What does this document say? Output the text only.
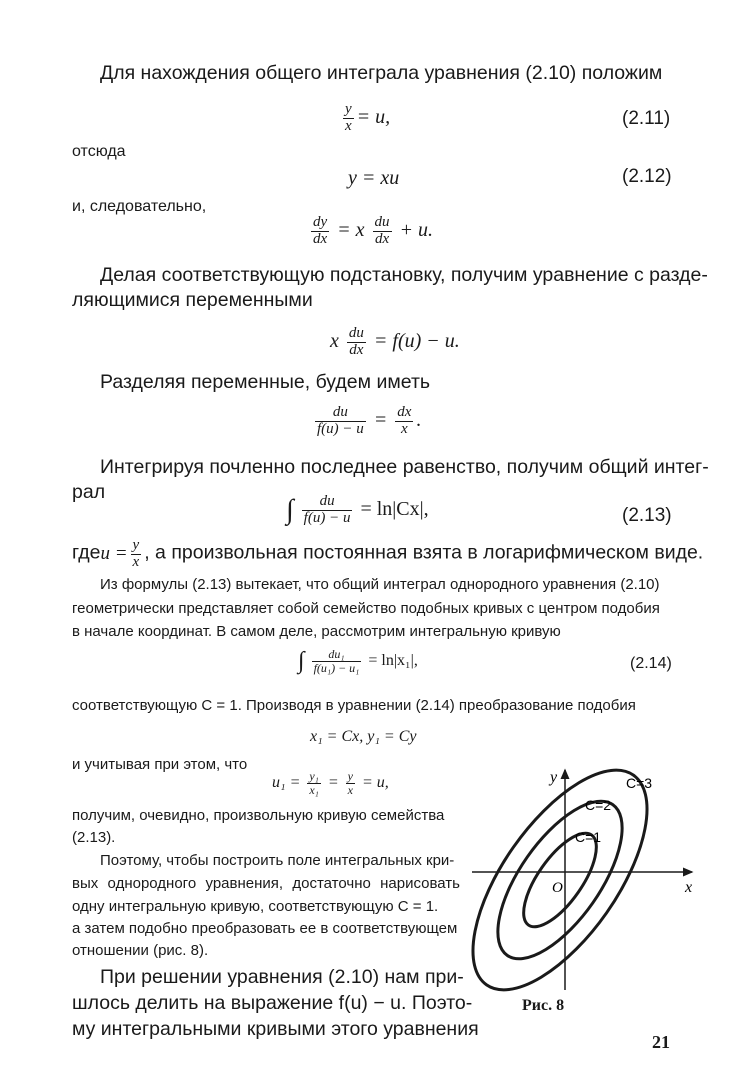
Для нахождения общего интеграла уравнения (2.10) положим
$\frac{y}{x} = u$,	(2.11)
отсюда
y = xu	(2.12)
и, следовательно,
$\frac{dy}{dx} = x \frac{du}{dx} + u$.
Делая соответствующую подстановку, получим уравнение с разде-
ляющимися переменными
x $\frac{du}{dx} = f(u) - u$.
Разделяя переменные, будем иметь
$\frac{du}{f(u) - u} = \frac{dx}{x}$ .
Интегрируя почленно последнее равенство, получим общий интег-
рал
∫ $\frac{du}{f(u) - u} = \ln|Cx|$,	(2.13)
гдеu = $\frac{y}{x}$ , а произвольная постоянная взята в логарифмическом виде.
Из формулы (2.13) вытекает, что общий интеграл однородного уравнения (2.10)
геометрически представляет собой семейство подобных кривых с центром подобия
в начале координат. В самом деле, рассмотрим интегральную кривую
∫ $\frac{\text{du₁}}{\text{f(u₁) − u₁}} = \ln|x_1|$,	(2.14)
соответствующую C = 1. Производя в уравнении (2.14) преобразование подобия
x₁ = Cx, y₁ = Cy
и учитывая при этом, что
$u_1 = \frac{\text{y₁}}{\text{x₁}} = \frac{y}{x} = u$,
получим, очевидно, произвольную кривую семейства
(2.13).
Поэтому, чтобы построить поле интегральных кри-
вых однородного уравнения, достаточно нарисовать
одну интегральную кривую, соответствующую C = 1.
а затем подобно преобразовать ее в соответствующем
отношении (рис. 8).
При решении уравнения (2.10) нам при-
шлось делить на выражение f(u) − u. Поэто-
му интегральными кривыми этого уравнения
y
x
O
C=1
C=2
C=3
Рис. 8
21
